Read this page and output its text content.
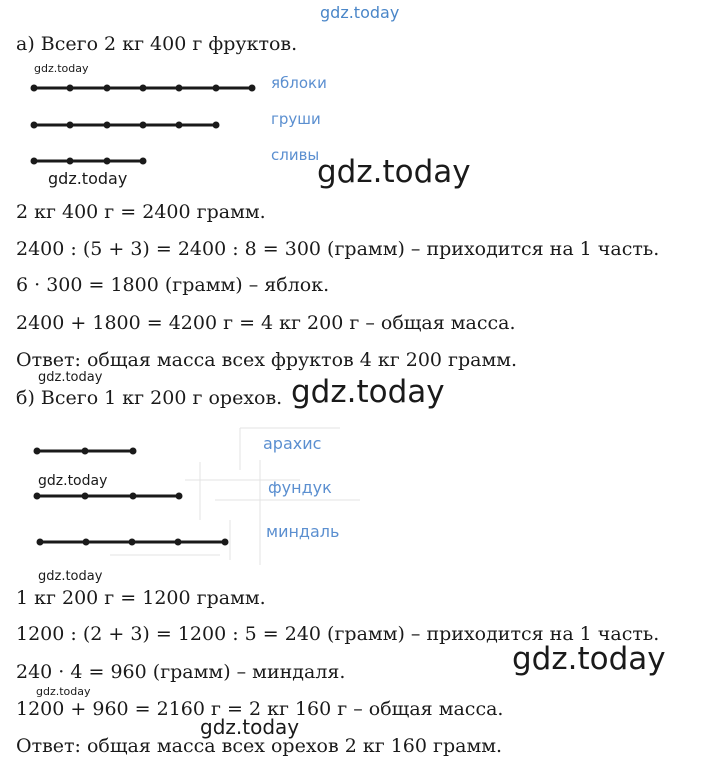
gdz.today
а) Всего 2 кг 400 г фруктов.
gdz.today
яблоки
груши
сливы
gdz.today	gdz.today
2 кг 400 г = 2400 грамм.
2400 : (5 + 3) = 2400 : 8 = 300 (грамм) – приходится на 1 часть.
6 · 300 = 1800 (грамм) – яблок.
2400 + 1800 = 4200 г = 4 кг 200 г – общая масса.
Ответ: общая масса всех фруктов 4 кг 200 грамм.
gdz.today
б) Всего 1 кг 200 г орехов. gdz.today
арахис
gdz.today	фундук
миндаль
gdz.today
1 кг 200 г = 1200 грамм.
1200 : (2 + 3) = 1200 : 5 = 240 (грамм) – приходится на 1 часть.
gdz.today
240 · 4 = 960 (грамм) – миндаля.
gdz.today
1200 + 960 = 2160 г = 2 кг 160 г – общая масса.
gdz.today
Ответ: общая масса всех орехов 2 кг 160 грамм.
